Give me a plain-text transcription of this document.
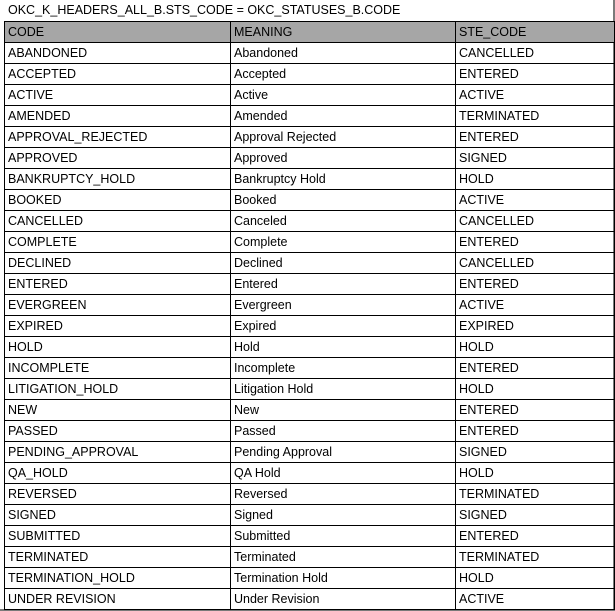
OKC_K_HEADERS_ALL_B.STS_CODE = OKC_STATUSES_B.CODE
CODE	MEANING	STE_CODE
ABANDONED	Abandoned	CANCELLED
ACCEPTED	Accepted	ENTERED
ACTIVE	Active	ACTIVE
AMENDED	Amended	TERMINATED
APPROVAL_REJECTED	Approval Rejected	ENTERED
APPROVED	Approved	SIGNED
BANKRUPTCY_HOLD	Bankruptcy Hold	HOLD
BOOKED	Booked	ACTIVE
CANCELLED	Canceled	CANCELLED
COMPLETE	Complete	ENTERED
DECLINED	Declined	CANCELLED
ENTERED	Entered	ENTERED
EVERGREEN	Evergreen	ACTIVE
EXPIRED	Expired	EXPIRED
HOLD	Hold	HOLD
INCOMPLETE	Incomplete	ENTERED
LITIGATION_HOLD	Litigation Hold	HOLD
NEW	New	ENTERED
PASSED	Passed	ENTERED
PENDING_APPROVAL	Pending Approval	SIGNED
QA_HOLD	QA Hold	HOLD
REVERSED	Reversed	TERMINATED
SIGNED	Signed	SIGNED
SUBMITTED	Submitted	ENTERED
TERMINATED	Terminated	TERMINATED
TERMINATION_HOLD	Termination Hold	HOLD
UNDER REVISION	Under Revision	ACTIVE
